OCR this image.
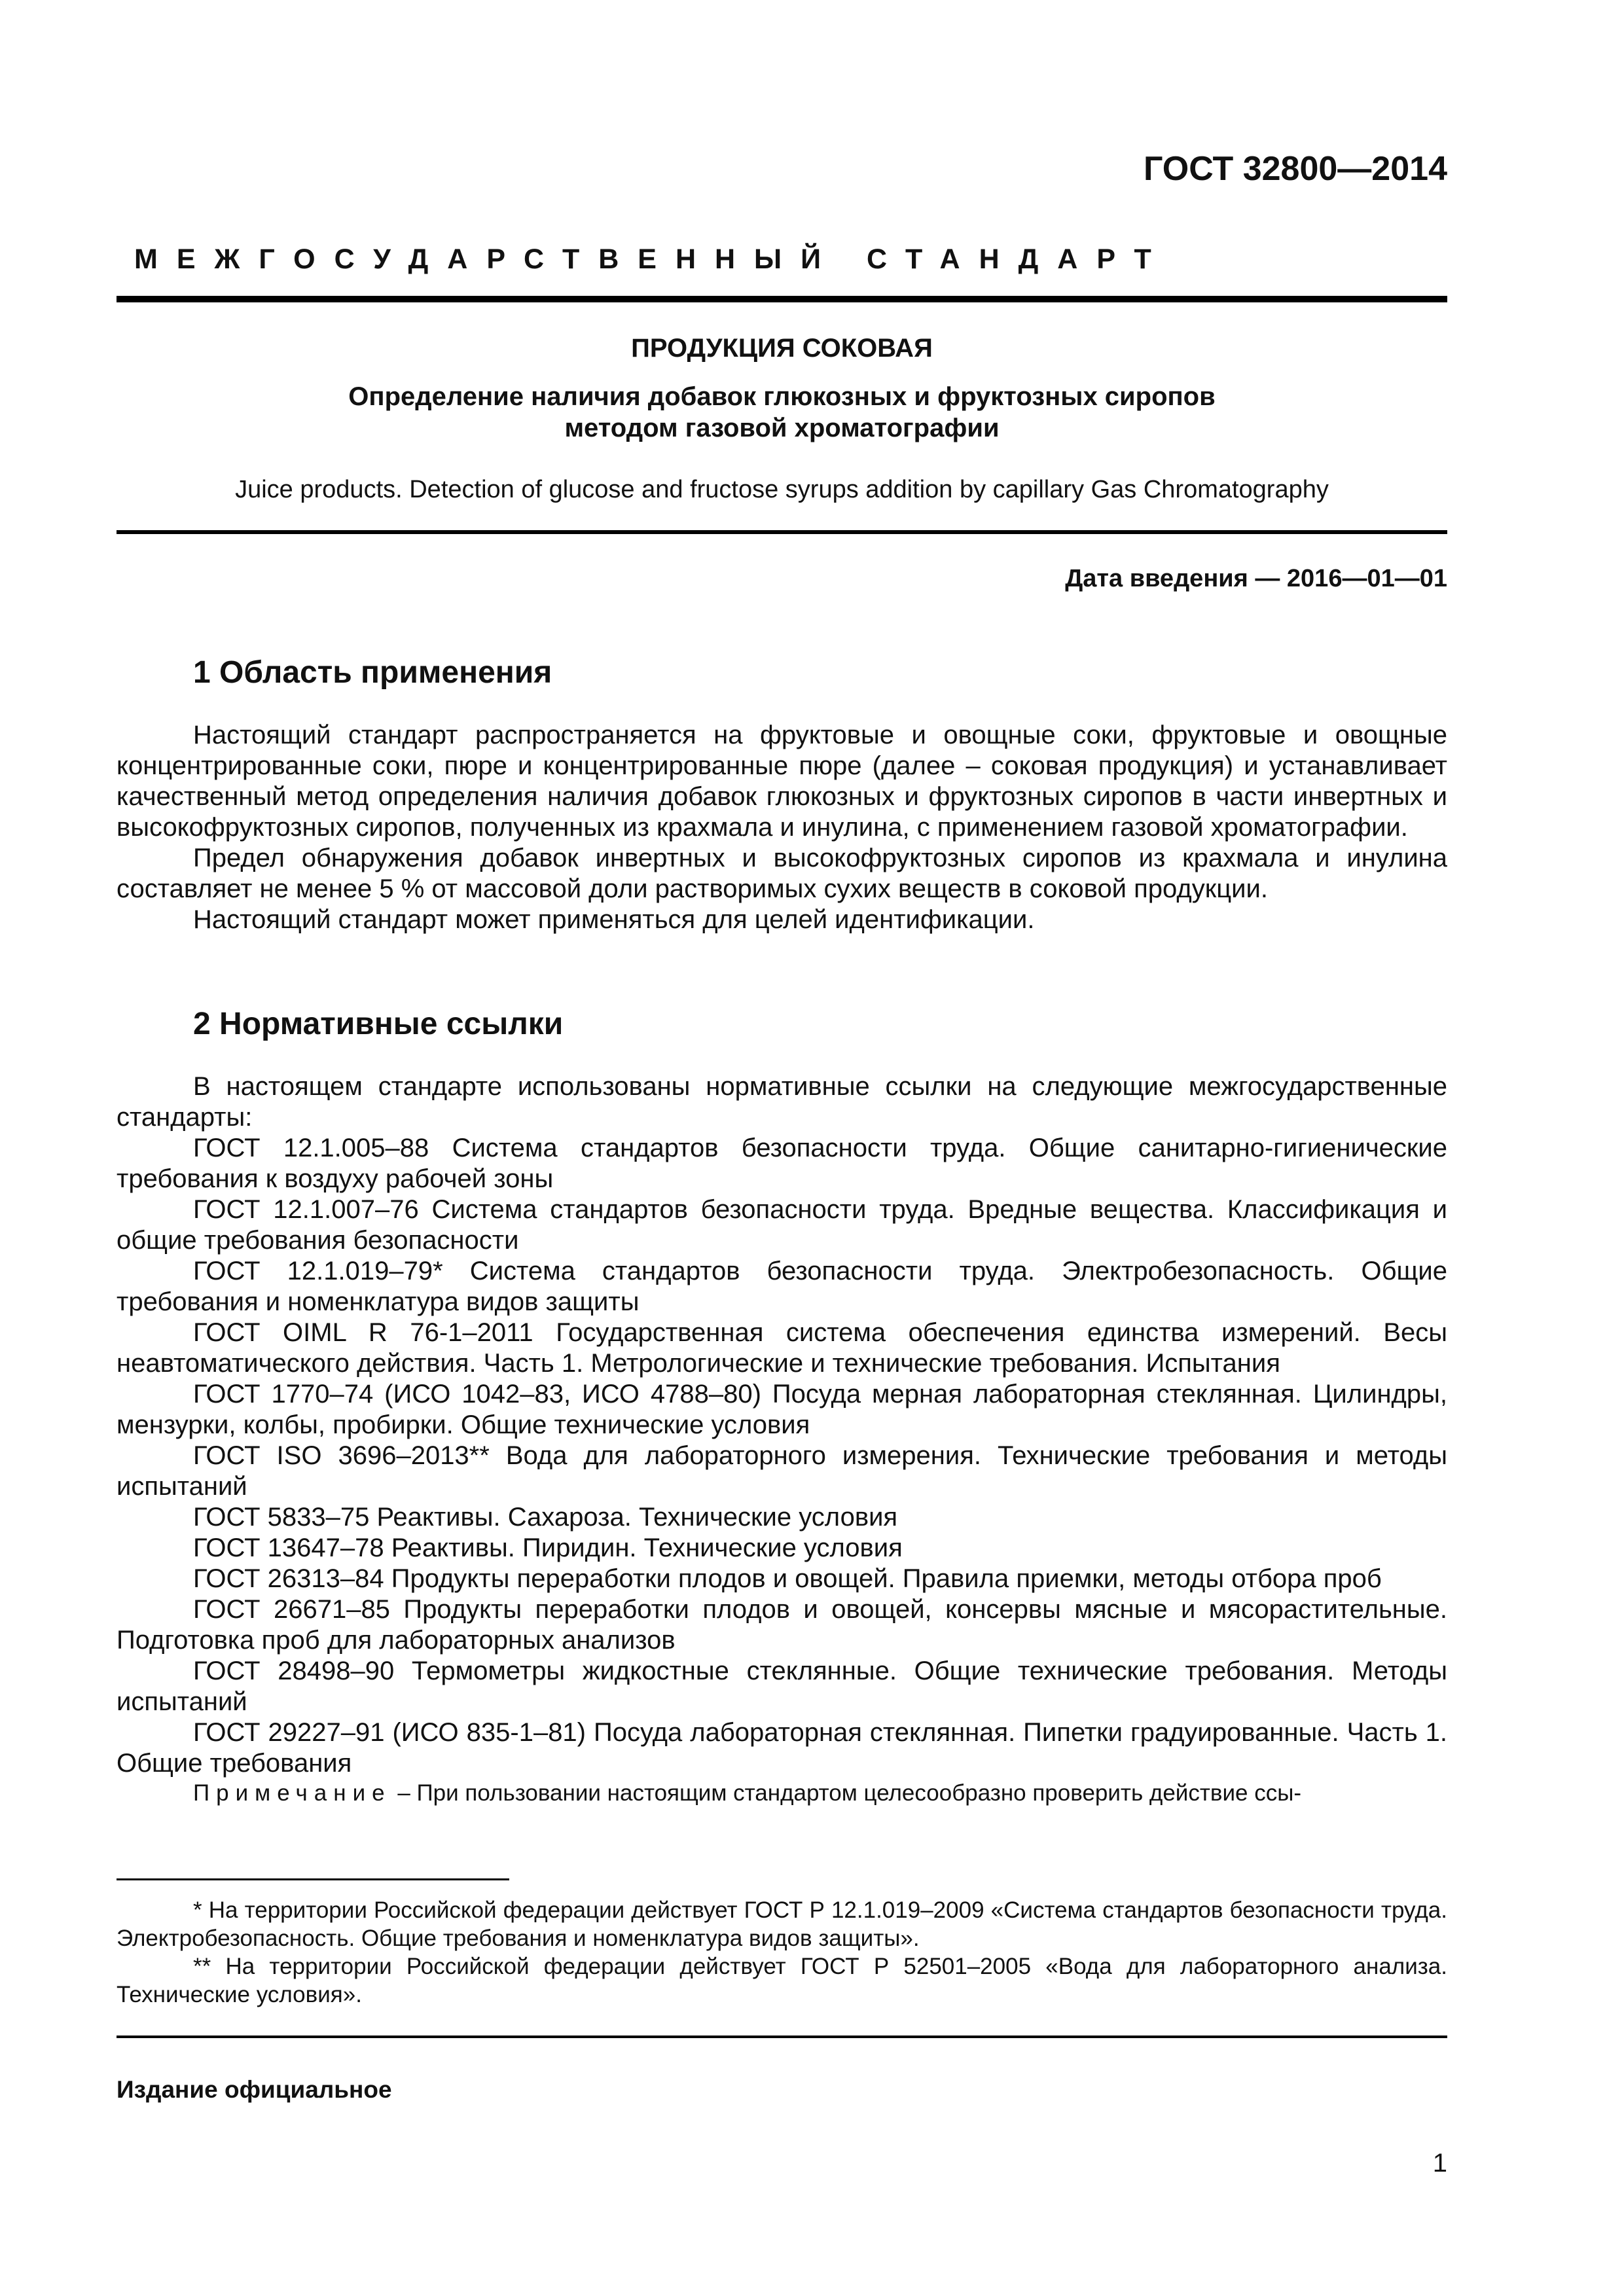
ГОСТ 32800—2014
МЕЖГОСУДАРСТВЕННЫЙ СТАНДАРТ
ПРОДУКЦИЯ СОКОВАЯ
Определение наличия добавок глюкозных и фруктозных сиропов
методом газовой хроматографии
Juice products. Detection of glucose and fructose syrups addition by capillary Gas Chromatography
Дата введения — 2016—01—01
1 Область применения

Настоящий стандарт распространяется на фруктовые и овощные соки, фруктовые и овощные концентрированные соки, пюре и концентрированные пюре (далее – соковая продукция) и устанавливает качественный метод определения наличия добавок глюкозных и фруктозных сиропов в части инвертных и высокофруктозных сиропов, полученных из крахмала и инулина, с применением газовой хроматографии.

Предел обнаружения добавок инвертных и высокофруктозных сиропов из крахмала и инулина составляет не менее 5 % от массовой доли растворимых сухих веществ в соковой продукции.

Настоящий стандарт может применяться для целей идентификации.

2 Нормативные ссылки

В настоящем стандарте использованы нормативные ссылки на следующие межгосударственные стандарты:

ГОСТ 12.1.005–88 Система стандартов безопасности труда. Общие санитарно-гигиенические требования к воздуху рабочей зоны

ГОСТ 12.1.007–76 Система стандартов безопасности труда. Вредные вещества. Классификация и общие требования безопасности

ГОСТ 12.1.019–79* Система стандартов безопасности труда. Электробезопасность. Общие требования и номенклатура видов защиты

ГОСТ OIML R 76-1–2011 Государственная система обеспечения единства измерений. Весы неавтоматического действия. Часть 1. Метрологические и технические требования. Испытания

ГОСТ 1770–74 (ИСО 1042–83, ИСО 4788–80) Посуда мерная лабораторная стеклянная. Цилиндры, мензурки, колбы, пробирки. Общие технические условия

ГОСТ ISO 3696–2013** Вода для лабораторного измерения. Технические требования и методы испытаний

ГОСТ 5833–75 Реактивы. Сахароза. Технические условия

ГОСТ 13647–78 Реактивы. Пиридин. Технические условия

ГОСТ 26313–84 Продукты переработки плодов и овощей. Правила приемки, методы отбора проб

ГОСТ 26671–85 Продукты переработки плодов и овощей, консервы мясные и мясорастительные. Подготовка проб для лабораторных анализов

ГОСТ 28498–90 Термометры жидкостные стеклянные. Общие технические требования. Методы испытаний

ГОСТ 29227–91 (ИСО 835-1–81) Посуда лабораторная стеклянная. Пипетки градуированные. Часть 1. Общие требования

Примечание – При пользовании настоящим стандартом целесообразно проверить действие ссы-

* На территории Российской федерации действует ГОСТ Р 12.1.019–2009 «Система стандартов безопасности труда. Электробезопасность. Общие требования и номенклатура видов защиты».

** На территории Российской федерации действует ГОСТ Р 52501–2005 «Вода для лабораторного анализа. Технические условия».

Издание официальное
1
